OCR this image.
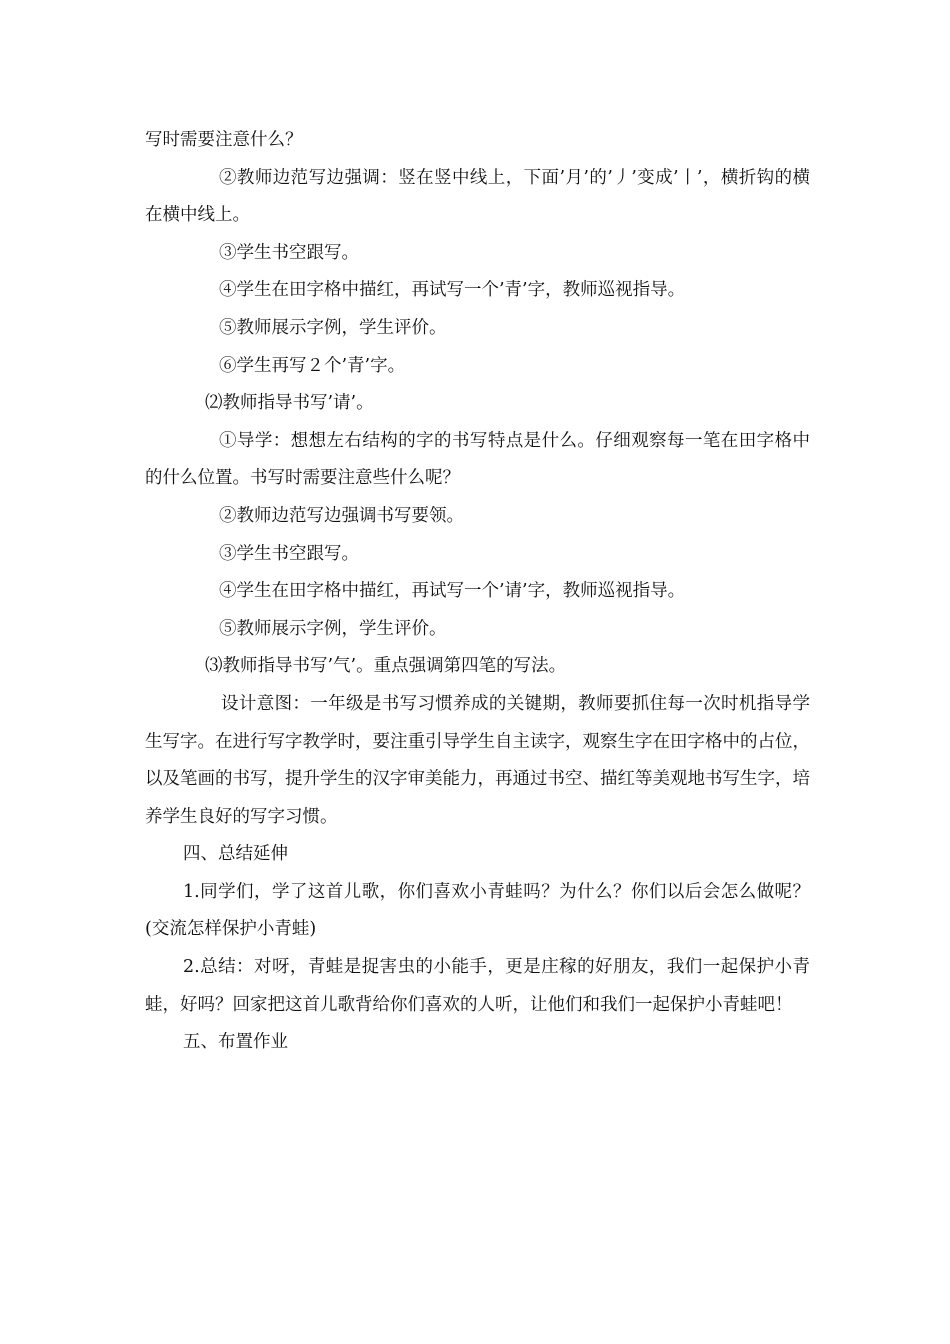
写时需要注意什么？

②教师边范写边强调：竖在竖中线上，下面’月’的’丿’变成’丨’，横折钩的横在横中线上。

③学生书空跟写。

④学生在田字格中描红，再试写一个’青’字，教师巡视指导。

⑤教师展示字例，学生评价。

⑥学生再写２个’青’字。

⑵教师指导书写’请’。

①导学：想想左右结构的字的书写特点是什么。仔细观察每一笔在田字格中的什么位置。书写时需要注意些什么呢？

②教师边范写边强调书写要领。

③学生书空跟写。

④学生在田字格中描红，再试写一个’请’字，教师巡视指导。

⑤教师展示字例，学生评价。

⑶教师指导书写’气’。重点强调第四笔的写法。

设计意图：一年级是书写习惯养成的关键期，教师要抓住每一次时机指导学生写字。在进行写字教学时，要注重引导学生自主读字，观察生字在田字格中的占位，以及笔画的书写，提升学生的汉字审美能力，再通过书空、描红等美观地书写生字，培养学生良好的写字习惯。

四、总结延伸

1.同学们，学了这首儿歌，你们喜欢小青蛙吗？为什么？你们以后会怎么做呢？(交流怎样保护小青蛙)

2.总结：对呀，青蛙是捉害虫的小能手，更是庄稼的好朋友，我们一起保护小青蛙，好吗？回家把这首儿歌背给你们喜欢的人听，让他们和我们一起保护小青蛙吧！

五、布置作业
